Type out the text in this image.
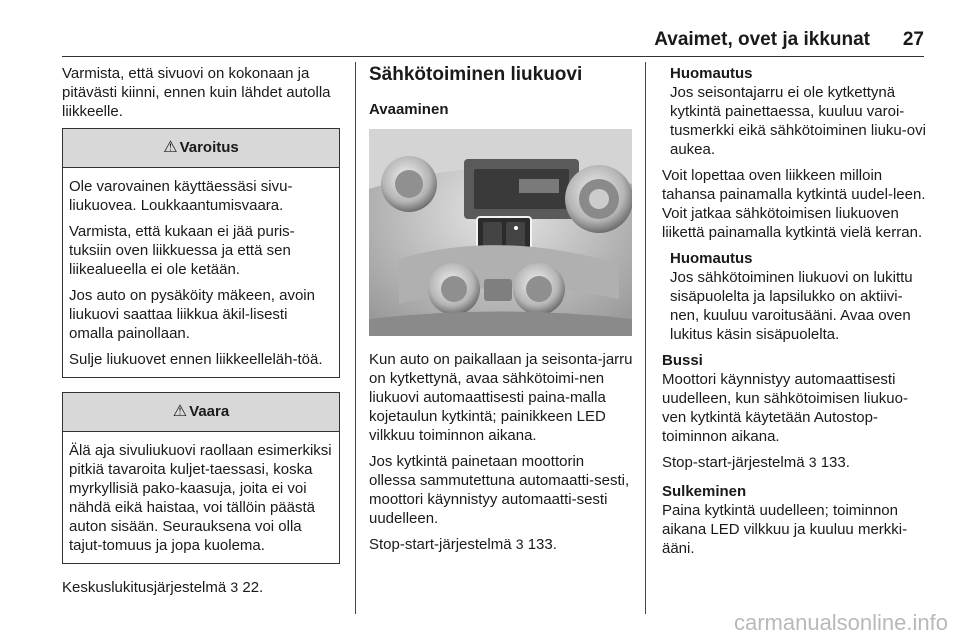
Avaimet, ovet ja ikkunat 27

Varmista, että sivuovi on kokonaan ja pitävästi kiinni, ennen kuin lähdet autolla liikkeelle.

⚠ Varoitus

Ole varovainen käyttäessäsi sivu-liukuovea. Loukkaantumisvaara.

Varmista, että kukaan ei jää puris-tuksiin oven liikkuessa ja että sen liikealueella ei ole ketään.

Jos auto on pysäköity mäkeen, avoin liukuovi saattaa liikkua äkil-lisesti omalla painollaan.

Sulje liukuovet ennen liikkeelleläh-töä.

⚠ Vaara

Älä aja sivuliukuovi raollaan esimerkiksi pitkiä tavaroita kuljet-taessasi, koska myrkyllisiä pako-kaasuja, joita ei voi nähdä eikä haistaa, voi tällöin päästä auton sisään. Seurauksena voi olla tajut-tomuus ja jopa kuolema.

Keskuslukitusjärjestelmä 3 22.

Sähkötoiminen liukuovi
Avaaminen

Kun auto on paikallaan ja seisonta-jarru on kytkettynä, avaa sähkötoimi-nen liukuovi automaattisesti paina-malla kojetaulun kytkintä; painikkeen LED vilkkuu toiminnon aikana.

Jos kytkintä painetaan moottorin ollessa sammutettuna automaatti-sesti, moottori käynnistyy automaatti-sesti uudelleen.

Stop-start-järjestelmä 3 133.

Huomautus
Jos seisontajarru ei ole kytkettynä kytkintä painettaessa, kuuluu varoi-tusmerkki eikä sähkötoiminen liuku-ovi aukea.

Voit lopettaa oven liikkeen milloin tahansa painamalla kytkintä uudel-leen. Voit jatkaa sähkötoimisen liukuoven liikettä painamalla kytkintä vielä kerran.

Huomautus
Jos sähkötoiminen liukuovi on lukittu sisäpuolelta ja lapsilukko on aktiivi-nen, kuuluu varoitusääni. Avaa oven lukitus käsin sisäpuolelta.
Bussi

Moottori käynnistyy automaattisesti uudelleen, kun sähkötoimisen liukuo-ven kytkintä käytetään Autostop-toiminnon aikana.

Stop-start-järjestelmä 3 133.

Sulkeminen

Paina kytkintä uudelleen; toiminnon aikana LED vilkkuu ja kuuluu merkki-ääni.

carmanualsonline.info
